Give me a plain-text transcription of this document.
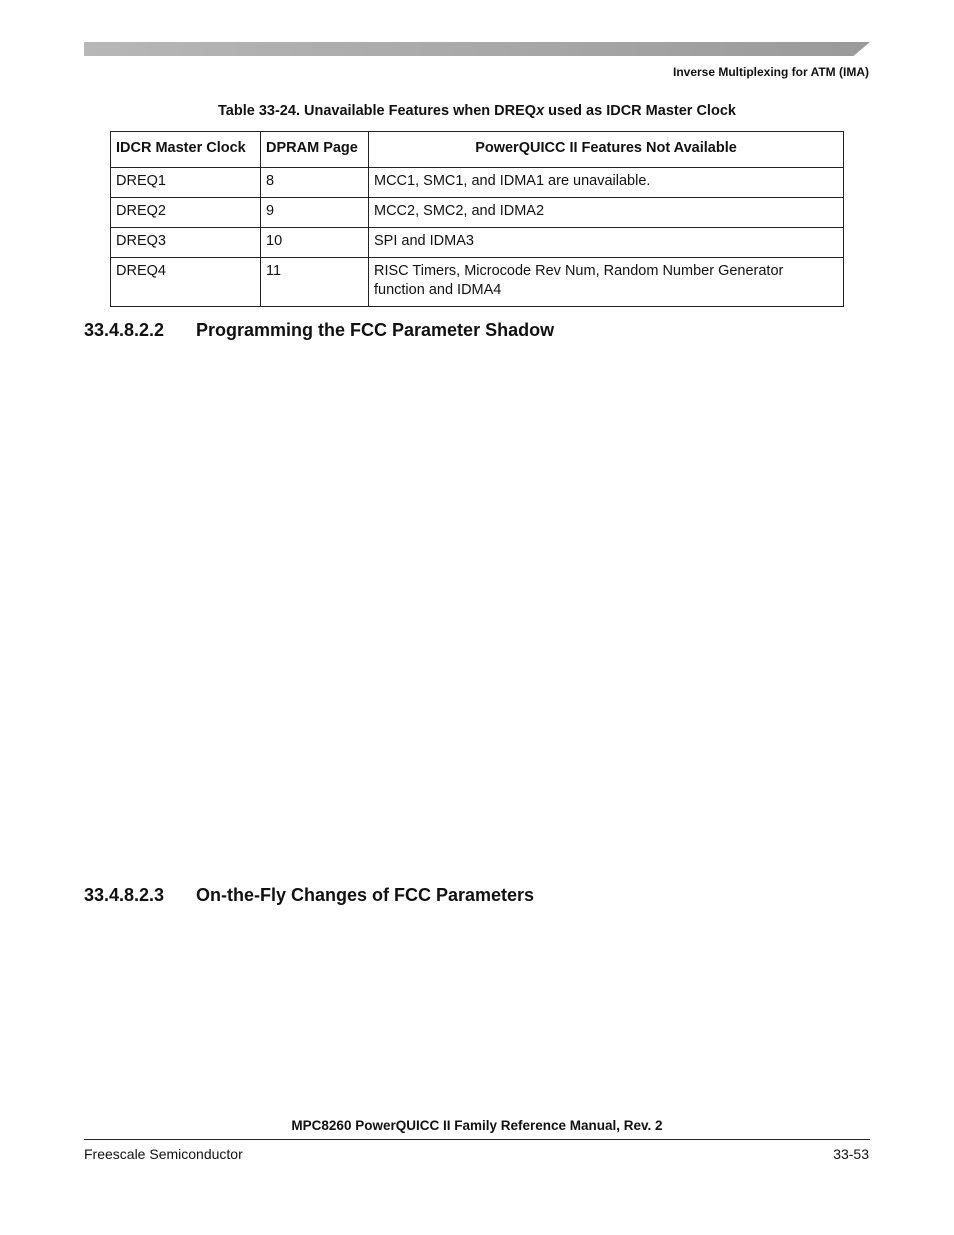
Inverse Multiplexing for ATM (IMA)
Table 33-24. Unavailable Features when DREQx used as IDCR Master Clock
IDCR Master Clock	DPRAM Page	PowerQUICC II Features Not Available
DREQ1	8	MCC1, SMC1, and IDMA1 are unavailable.
DREQ2	9	MCC2, SMC2, and IDMA2
DREQ3	10	SPI and IDMA3
DREQ4	11	RISC Timers, Microcode Rev Num, Random Number Generator function and IDMA4
33.4.8.2.2 Programming the FCC Parameter Shadow
33.4.8.2.3 On-the-Fly Changes of FCC Parameters
MPC8260 PowerQUICC II Family Reference Manual, Rev. 2
Freescale Semiconductor	33-53
